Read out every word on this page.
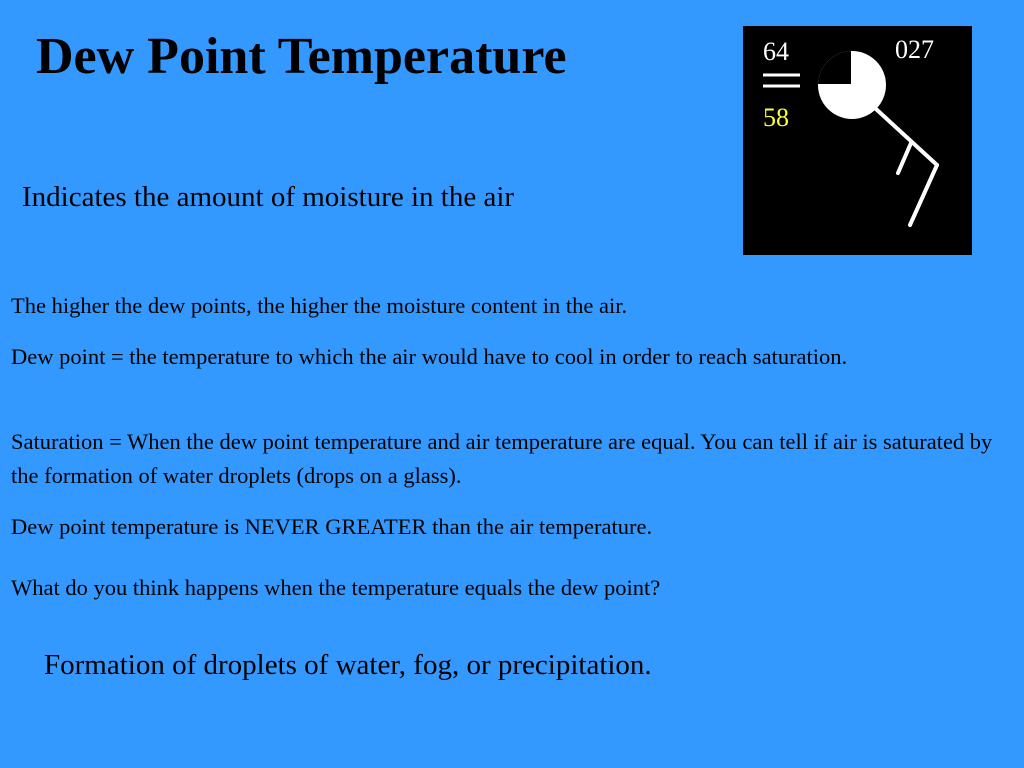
Dew Point Temperature

Indicates the amount of moisture in the air

64	027
58

The higher the dew points, the higher the moisture content in the air.

Dew point = the temperature to which the air would have to cool in order to reach saturation.

Saturation = When the dew point temperature and air temperature are equal. You can tell if air is saturated by the formation of water droplets (drops on a glass).

Dew point temperature is NEVER GREATER than the air temperature.

What do you think happens when the temperature equals the dew point?

Formation of droplets of water, fog, or precipitation.
